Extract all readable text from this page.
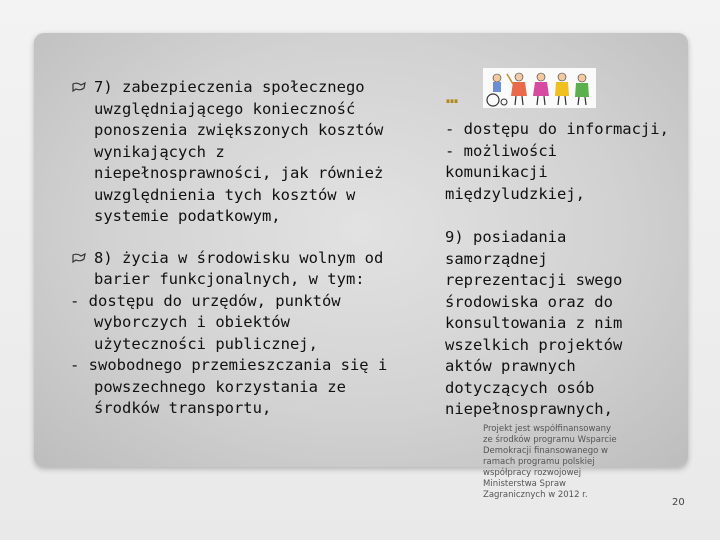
7) zabezpieczenia społecznego
uwzględniającego konieczność
ponoszenia zwiększonych kosztów
wynikających z
niepełnosprawności, jak również
uwzględnienia tych kosztów w
systemie podatkowym,
8) życia w środowisku wolnym od
barier funkcjonalnych, w tym:
- dostępu do urzędów, punktów
wyborczych i obiektów
użyteczności publicznej,
- swobodnego przemieszczania się i
powszechnego korzystania ze
środków transportu,
…
- dostępu do informacji,
- możliwości
komunikacji
międzyludzkiej,
9) posiadania
samorządnej
reprezentacji swego
środowiska oraz do
konsultowania z nim
wszelkich projektów
aktów prawnych
dotyczących osób
niepełnosprawnych,
Projekt jest współfinansowany
ze środków programu Wsparcie
Demokracji finansowanego w
ramach programu polskiej
współpracy rozwojowej
Ministerstwa Spraw
Zagranicznych w 2012 r.
20
